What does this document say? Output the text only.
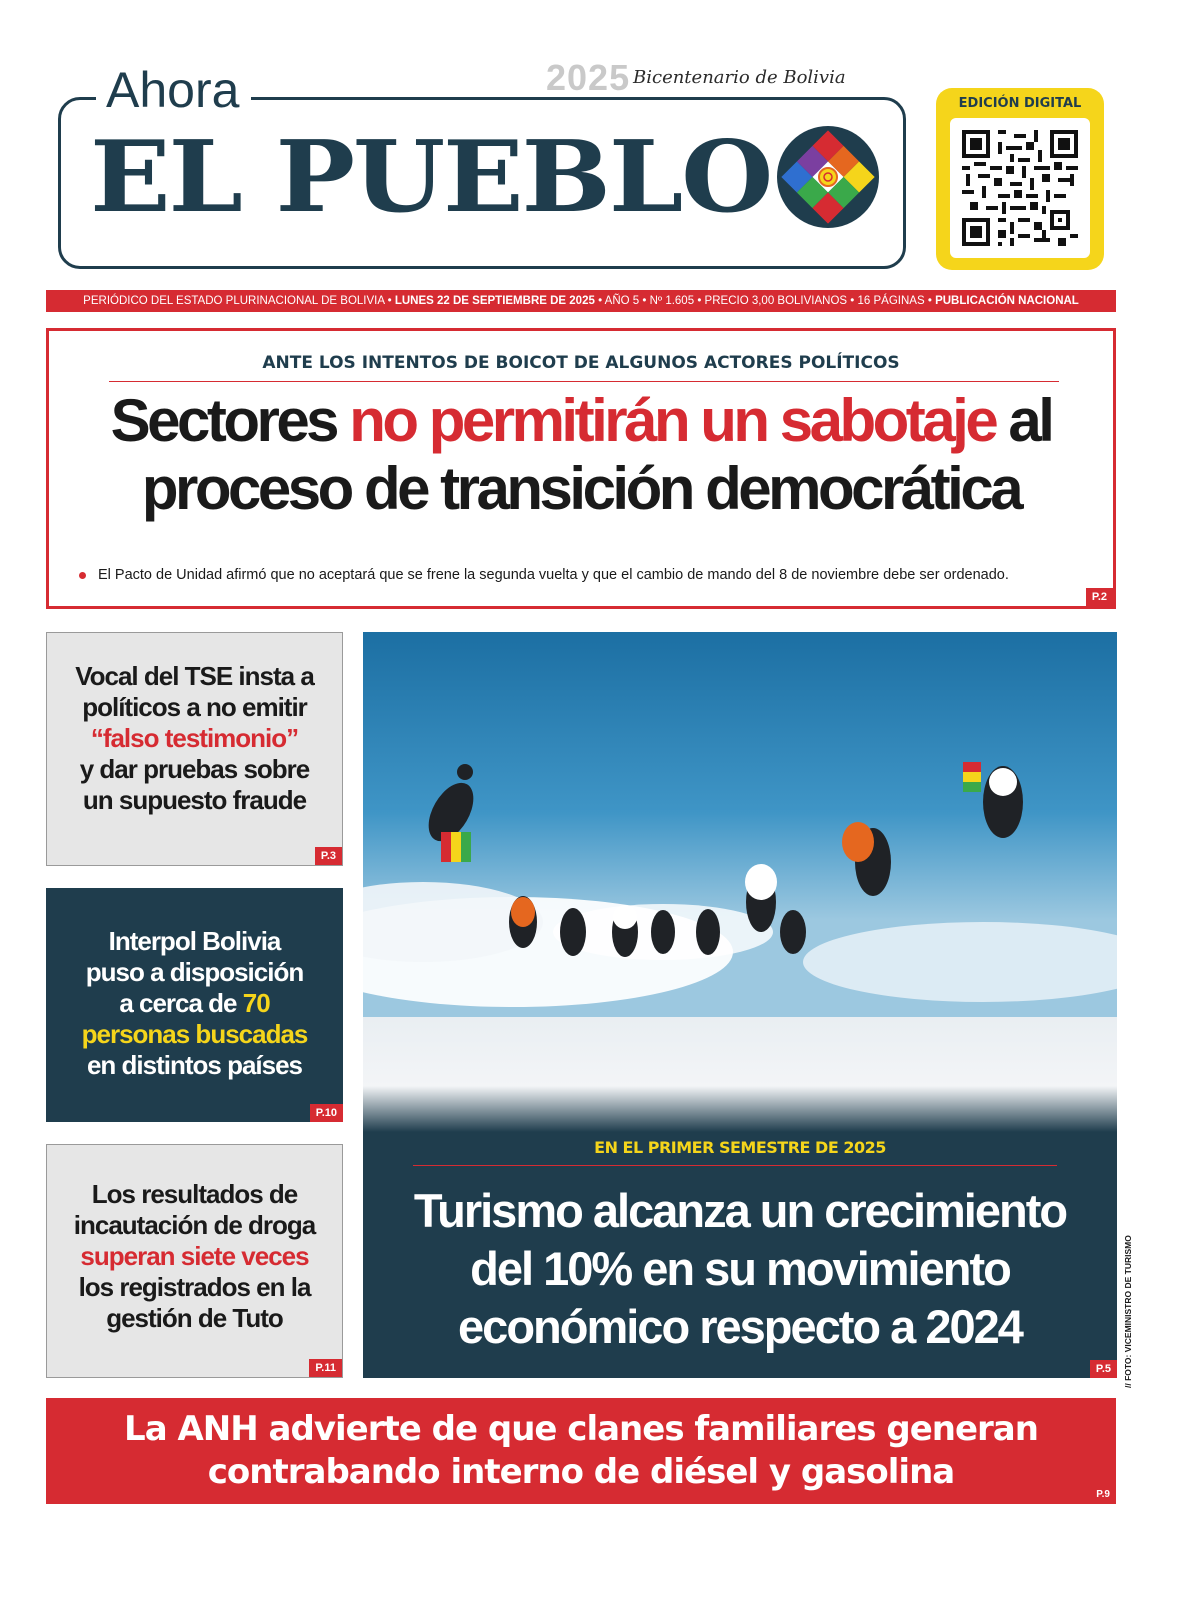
Ahora	2025 Bicentenario de Bolivia
EL PUEBLO
EDICIÓN DIGITAL
PERIÓDICO DEL ESTADO PLURINACIONAL DE BOLIVIA • LUNES 22 DE SEPTIEMBRE DE 2025 • AÑO 5 • Nº 1.605 • PRECIO 3,00 BOLIVIANOS • 16 PÁGINAS • PUBLICACIÓN NACIONAL
ANTE LOS INTENTOS DE BOICOT DE ALGUNOS ACTORES POLÍTICOS
Sectores no permitirán un sabotaje al
proceso de transición democrática
El Pacto de Unidad afirmó que no aceptará que se frene la segunda vuelta y que el cambio de mando del 8 de noviembre debe ser ordenado.
P.2
Vocal del TSE insta a
políticos a no emitir
“falso testimonio”
y dar pruebas sobre
un supuesto fraude
P.3
Interpol Bolivia
puso a disposición
a cerca de 70
personas buscadas
en distintos países
P.10
Los resultados de
incautación de droga
superan siete veces
los registrados en la
gestión de Tuto
P.11
EN EL PRIMER SEMESTRE DE 2025
Turismo alcanza un crecimiento
del 10% en su movimiento
económico respecto a 2024
P.5	// FOTO: VICEMINISTRO DE TURISMO
La ANH advierte de que clanes familiares generan
contrabando interno de diésel y gasolina
P.9
